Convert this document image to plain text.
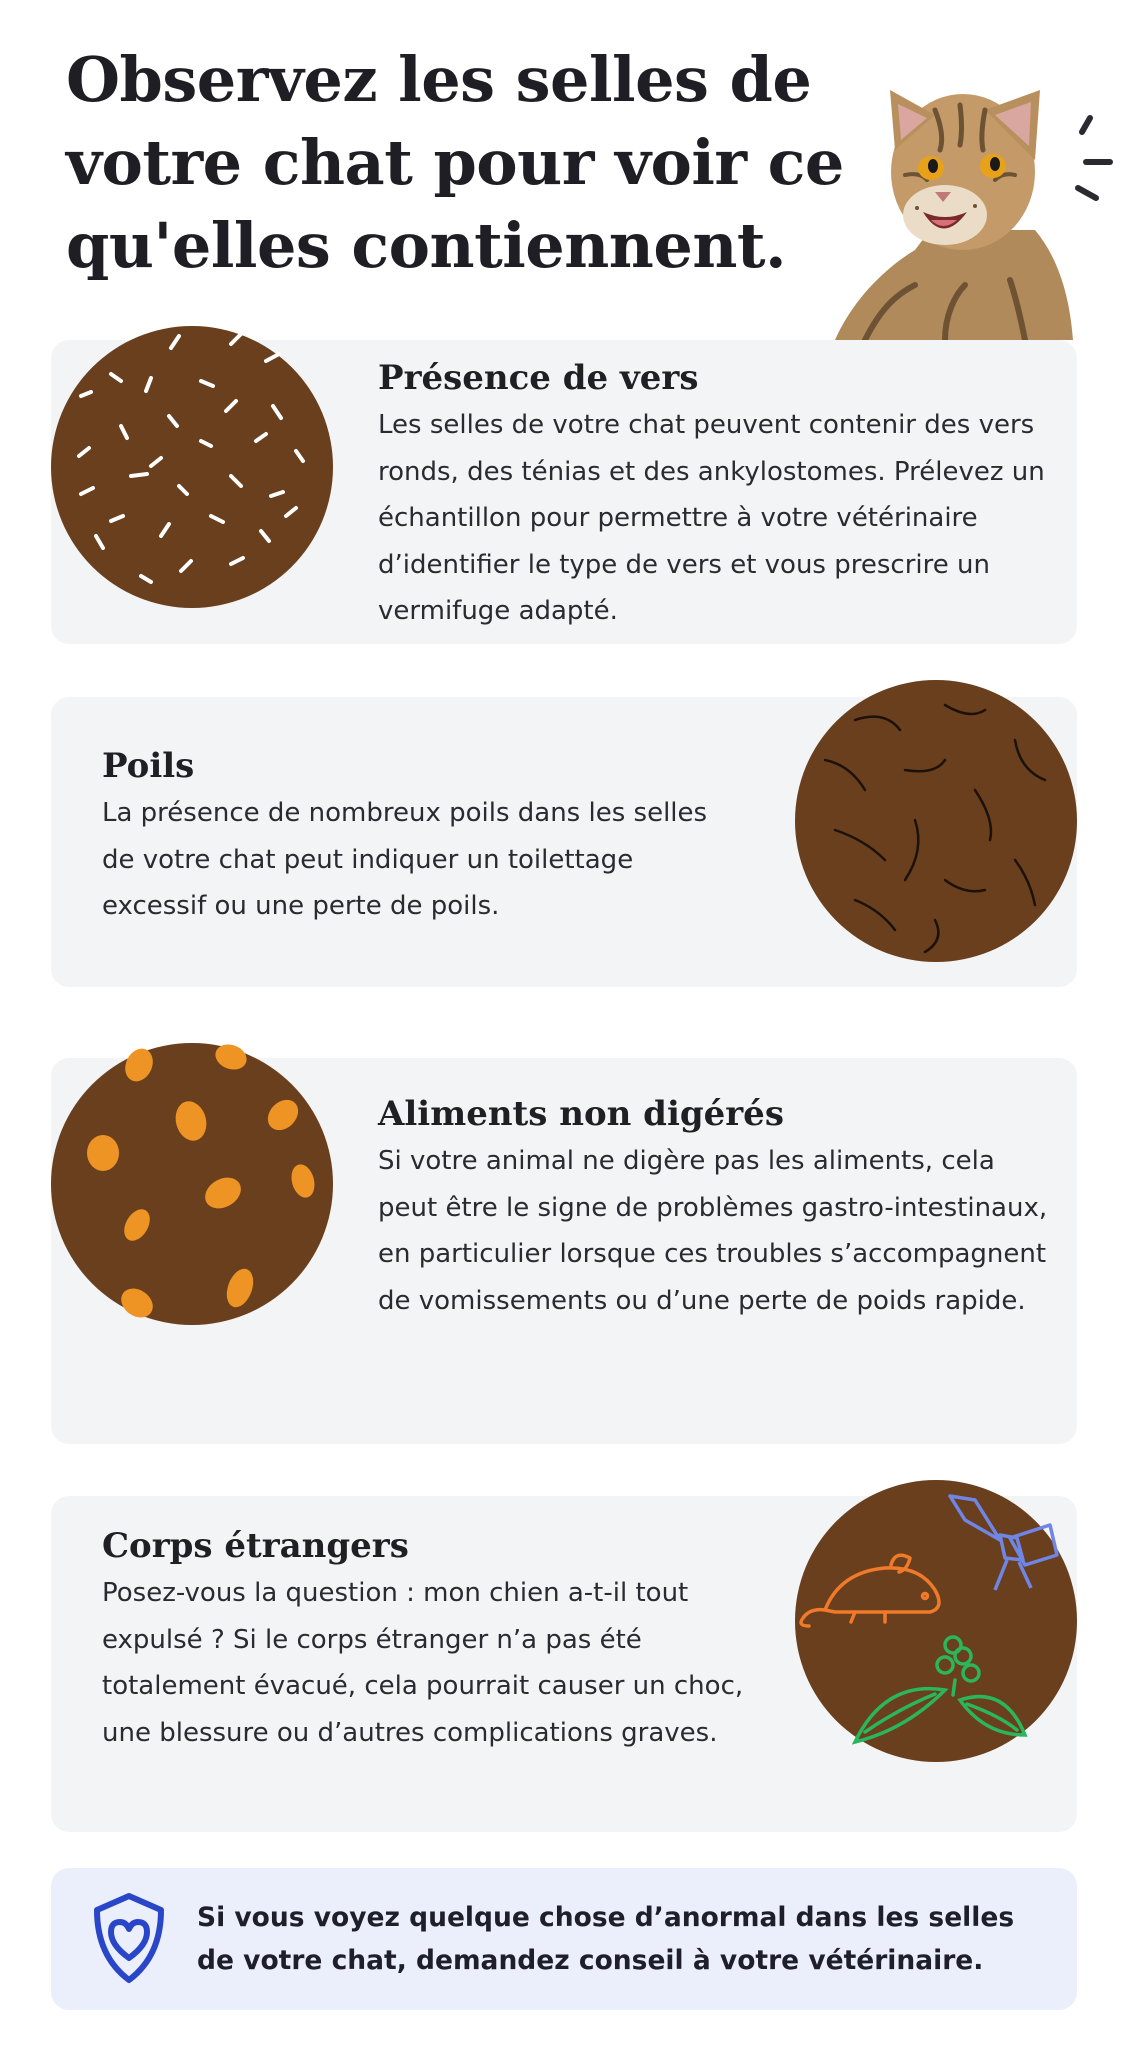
Observez les selles de votre chat pour voir ce qu'elles contiennent.
Présence de vers

Les selles de votre chat peuvent contenir des vers ronds, des ténias et des ankylostomes. Prélevez un échantillon pour permettre à votre vétérinaire d’identifier le type de vers et vous prescrire un vermifuge adapté.

Poils

La présence de nombreux poils dans les selles de votre chat peut indiquer un toilettage excessif ou une perte de poils.

Aliments non digérés

Si votre animal ne digère pas les aliments, cela peut être le signe de problèmes gastro-intestinaux, en particulier lorsque ces troubles s’accompagnent de vomissements ou d’une perte de poids rapide.

Corps étrangers

Posez-vous la question : mon chien a-t-il tout expulsé ? Si le corps étranger n’a pas été totalement évacué, cela pourrait causer un choc, une blessure ou d’autres complications graves.

Si vous voyez quelque chose d’anormal dans les selles de votre chat, demandez conseil à votre vétérinaire.
